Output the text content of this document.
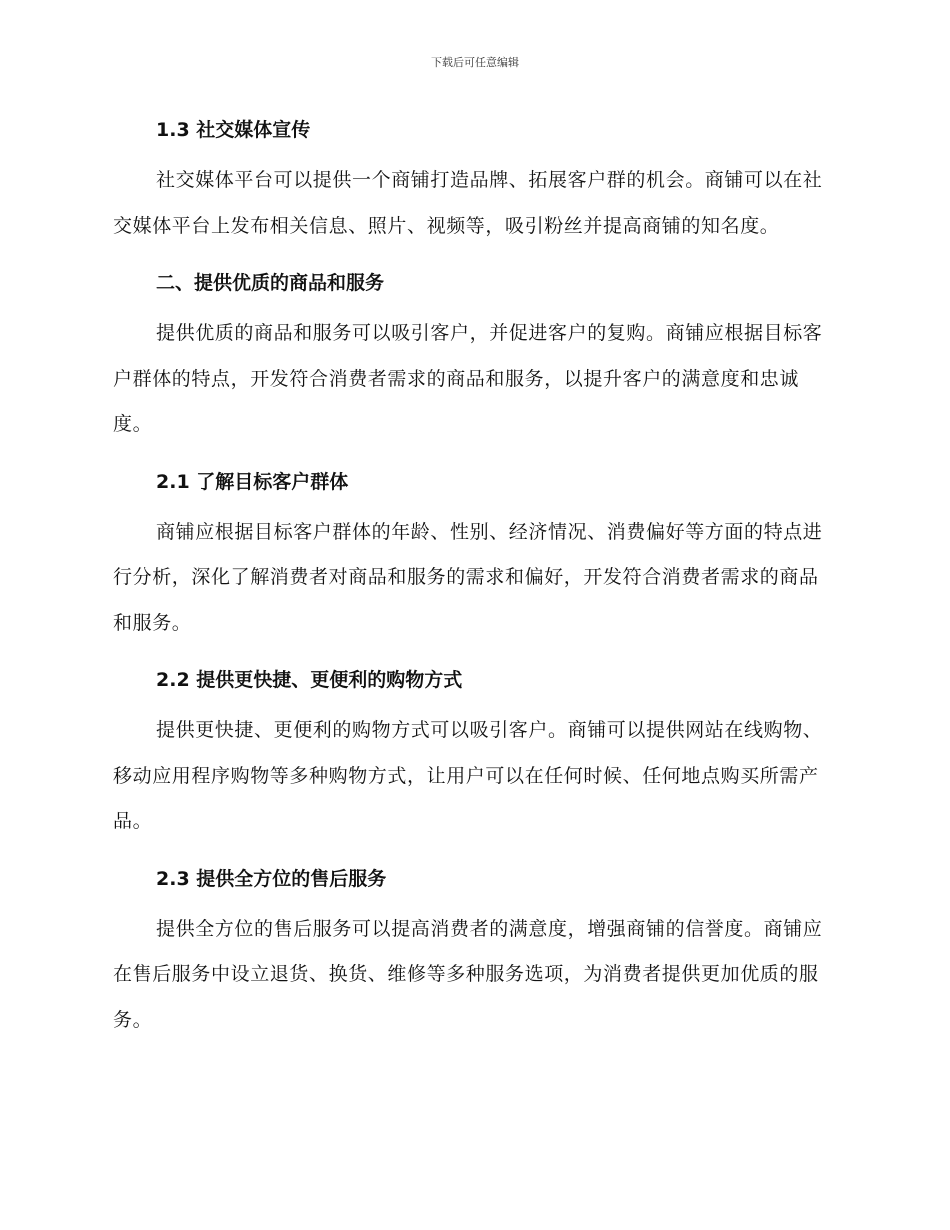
下载后可任意编辑
1.3 社交媒体宣传

社交媒体平台可以提供一个商铺打造品牌、拓展客户群的机会。商铺可以在社交媒体平台上发布相关信息、照片、视频等，吸引粉丝并提高商铺的知名度。

二、提供优质的商品和服务

提供优质的商品和服务可以吸引客户，并促进客户的复购。商铺应根据目标客户群体的特点，开发符合消费者需求的商品和服务，以提升客户的满意度和忠诚度。

2.1 了解目标客户群体

商铺应根据目标客户群体的年龄、性别、经济情况、消费偏好等方面的特点进行分析，深化了解消费者对商品和服务的需求和偏好，开发符合消费者需求的商品和服务。

2.2 提供更快捷、更便利的购物方式

提供更快捷、更便利的购物方式可以吸引客户。商铺可以提供网站在线购物、移动应用程序购物等多种购物方式，让用户可以在任何时候、任何地点购买所需产品。

2.3 提供全方位的售后服务

提供全方位的售后服务可以提高消费者的满意度，增强商铺的信誉度。商铺应在售后服务中设立退货、换货、维修等多种服务选项，为消费者提供更加优质的服务。
